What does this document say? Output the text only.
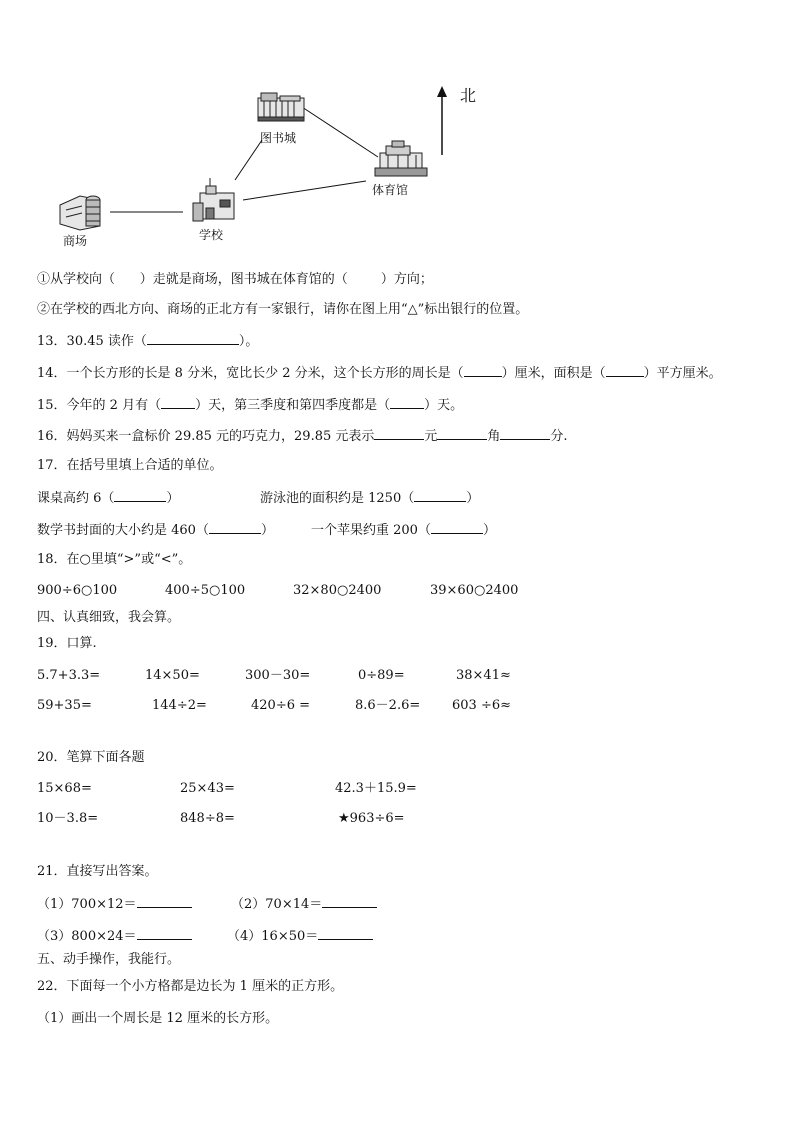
北
图书城
体育馆
学校
商场
①从学校向（      ）走就是商场，图书城在体育馆的（        ）方向；
②在学校的西北方向、商场的正北方有一家银行，请你在图上用“△”标出银行的位置。
13．30.45 读作（	）。
14．一个长方形的长是 8 分米，宽比长少 2 分米，这个长方形的周长是（	）厘米，面积是（	）平方厘米。
15．今年的 2 月有（	）天，第三季度和第四季度都是（	）天。
16．妈妈买来一盒标价 29.85 元的巧克力，29.85 元表示	元	角	分.
17．在括号里填上合适的单位。
课桌高约 6（	）	游泳池的面积约是 1250（	）
数学书封面的大小约是 460（	）	一个苹果约重 200（	）
18．在○里填“>”或“<”。
900÷6○100	400÷5○100	32×80○2400	39×60○2400
四、认真细致，我会算。
19．口算.
5.7+3.3=	14×50=	300－30=	0÷89=	38×41≈
59+35=	144÷2=	420÷6 =	8.6－2.6= 603 ÷6≈
20．笔算下面各题
15×68=	25×43=	42.3＋15.9=
10－3.8=	848÷8=	★963÷6=
21．直接写出答案。
（1）700×12＝	（2）70×14＝
（3）800×24＝	（4）16×50＝
五、动手操作，我能行。
22．下面每一个小方格都是边长为 1 厘米的正方形。
（1）画出一个周长是 12 厘米的长方形。
